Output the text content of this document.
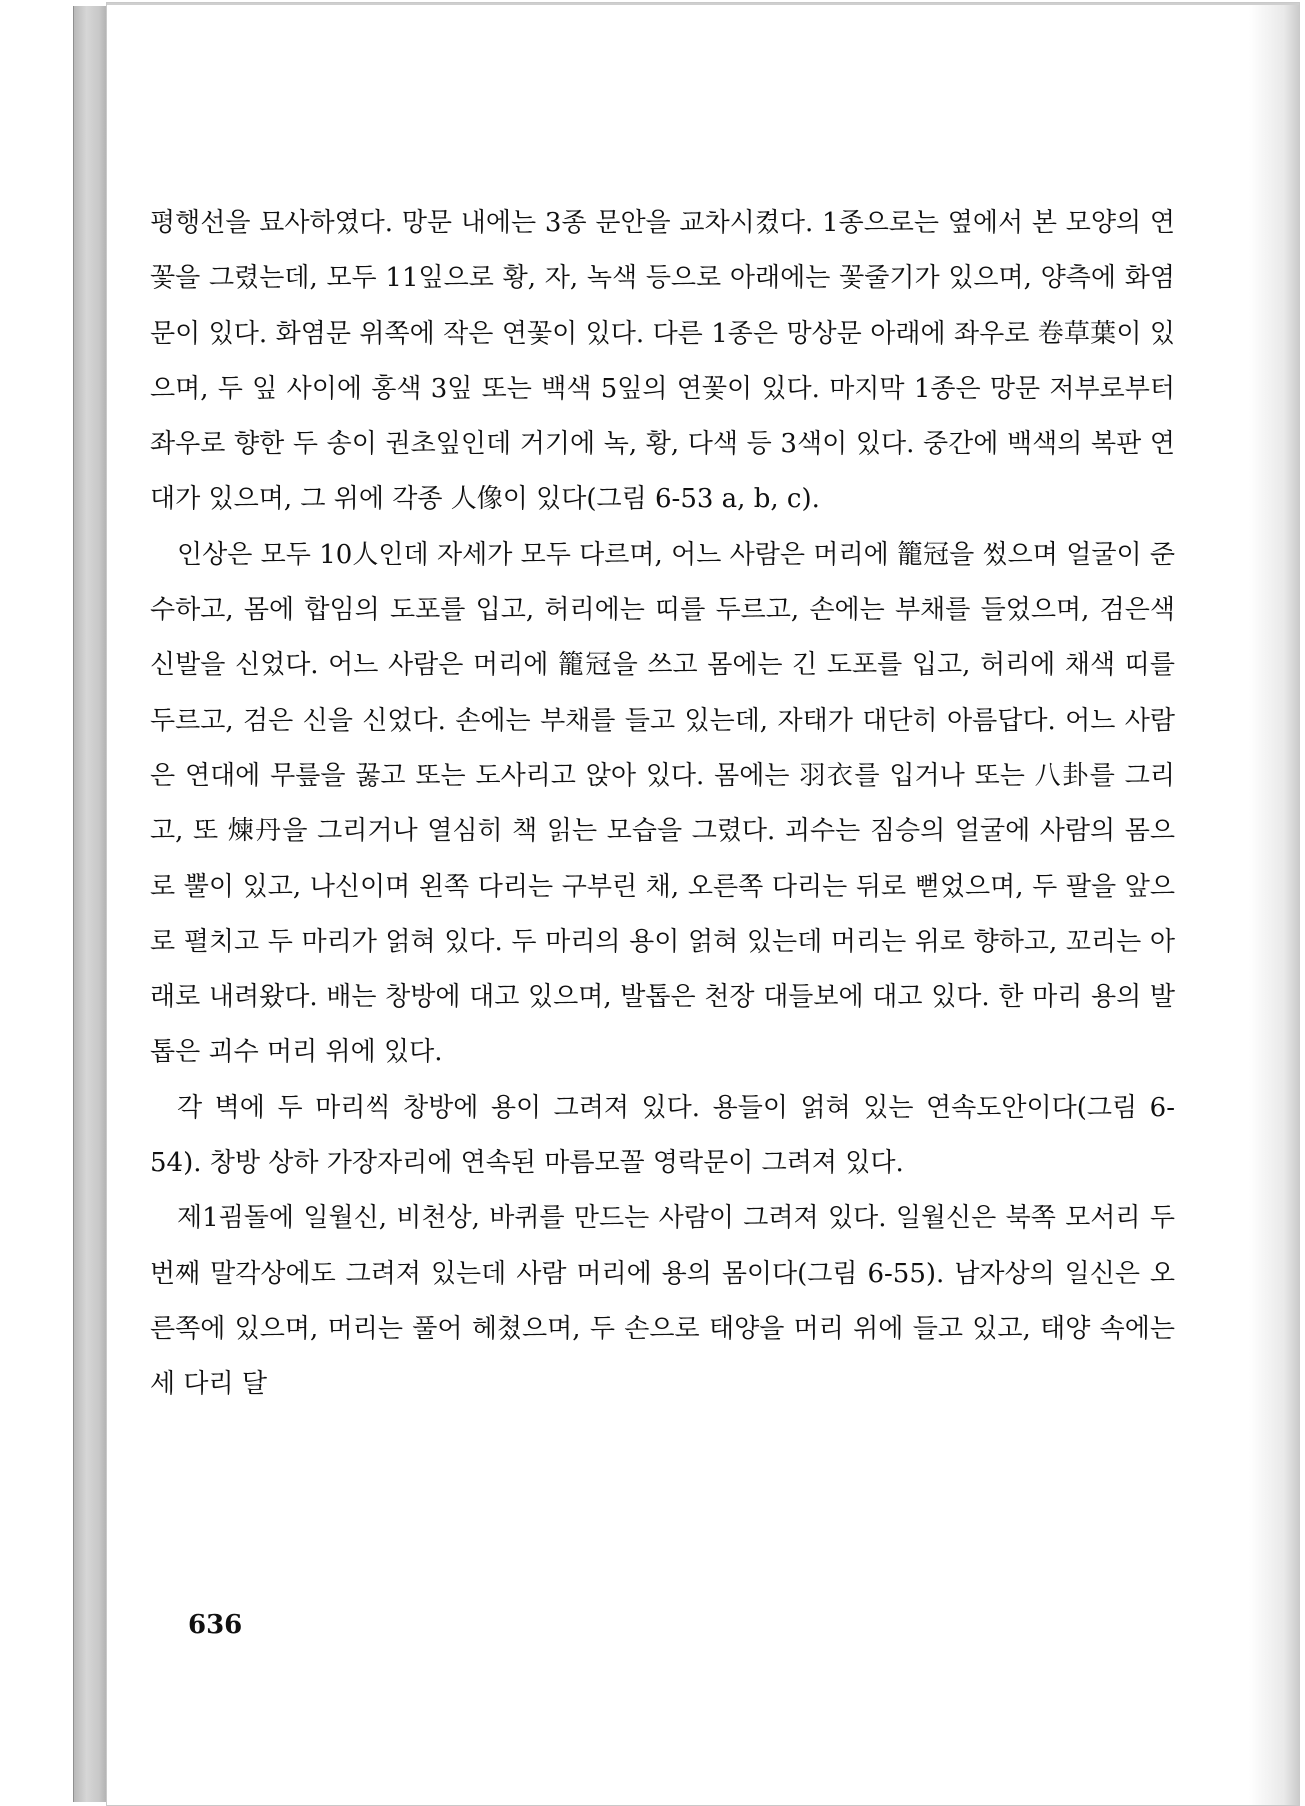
평행선을 묘사하였다. 망문 내에는 3종 문안을 교차시켰다. 1종으로는 옆에서 본 모양의 연꽃을 그렸는데, 모두 11잎으로 황, 자, 녹색 등으로 아래에는 꽃줄기가 있으며, 양측에 화염문이 있다. 화염문 위쪽에 작은 연꽃이 있다. 다른 1종은 망상문 아래에 좌우로 卷草葉이 있으며, 두 잎 사이에 홍색 3잎 또는 백색 5잎의 연꽃이 있다. 마지막 1종은 망문 저부로부터 좌우로 향한 두 송이 권초잎인데 거기에 녹, 황, 다색 등 3색이 있다. 중간에 백색의 복판 연대가 있으며, 그 위에 각종 人像이 있다(그림 6-53 a, b, c).

인상은 모두 10人인데 자세가 모두 다르며, 어느 사람은 머리에 籠冠을 썼으며 얼굴이 준수하고, 몸에 합임의 도포를 입고, 허리에는 띠를 두르고, 손에는 부채를 들었으며, 검은색 신발을 신었다. 어느 사람은 머리에 籠冠을 쓰고 몸에는 긴 도포를 입고, 허리에 채색 띠를 두르고, 검은 신을 신었다. 손에는 부채를 들고 있는데, 자태가 대단히 아름답다. 어느 사람은 연대에 무릎을 꿇고 또는 도사리고 앉아 있다. 몸에는 羽衣를 입거나 또는 八卦를 그리고, 또 煉丹을 그리거나 열심히 책 읽는 모습을 그렸다. 괴수는 짐승의 얼굴에 사람의 몸으로 뿔이 있고, 나신이며 왼쪽 다리는 구부린 채, 오른쪽 다리는 뒤로 뻗었으며, 두 팔을 앞으로 펼치고 두 마리가 얽혀 있다. 두 마리의 용이 얽혀 있는데 머리는 위로 향하고, 꼬리는 아래로 내려왔다. 배는 창방에 대고 있으며, 발톱은 천장 대들보에 대고 있다. 한 마리 용의 발톱은 괴수 머리 위에 있다.

각 벽에 두 마리씩 창방에 용이 그려져 있다. 용들이 얽혀 있는 연속도안이다(그림 6-54). 창방 상하 가장자리에 연속된 마름모꼴 영락문이 그려져 있다.

제1굄돌에 일월신, 비천상, 바퀴를 만드는 사람이 그려져 있다. 일월신은 북쪽 모서리 두번째 말각상에도 그려져 있는데 사람 머리에 용의 몸이다(그림 6-55). 남자상의 일신은 오른쪽에 있으며, 머리는 풀어 헤쳤으며, 두 손으로 태양을 머리 위에 들고 있고, 태양 속에는 세 다리 달

636
